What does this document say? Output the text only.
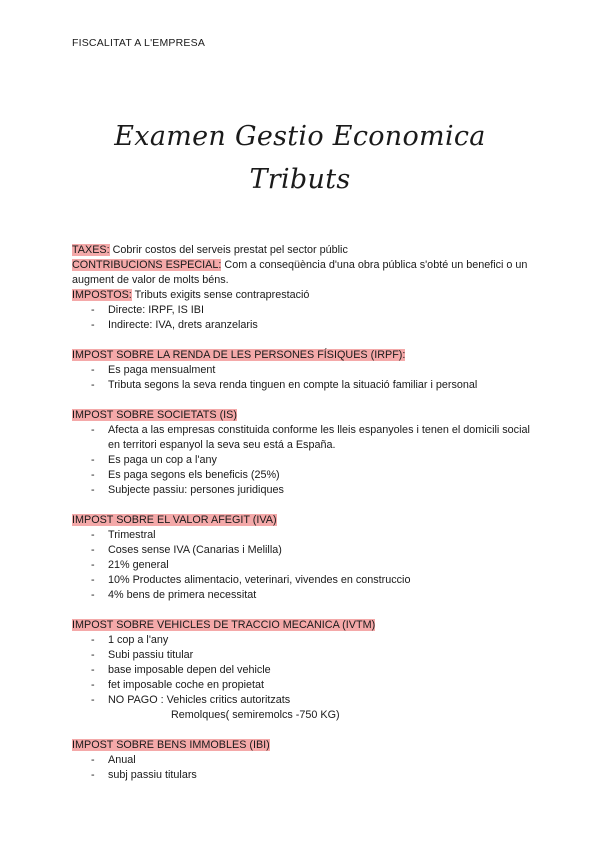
FISCALITAT A L'EMPRESA
Examen Gestio Economica
Tributs

TAXES: Cobrir costos del serveis prestat pel sector públic

CONTRIBUCIONS ESPECIAL: Com a conseqüència d'una obra pública s'obté un benefici o un augment de valor de molts béns.

IMPOSTOS: Tributs exigits sense contraprestació

- Directe: IRPF, IS IBI
- Indirecte: IVA, drets aranzelaris

IMPOST SOBRE LA RENDA DE LES PERSONES FÍSIQUES (IRPF):

- Es paga mensualment
- Tributa segons la seva renda tinguen en compte la situació familiar i personal

IMPOST SOBRE SOCIETATS (IS)

- Afecta a las empresas constituida conforme les lleis espanyoles i tenen el domicili social en territori espanyol la seva seu está a España.
- Es paga un cop a l'any
- Es paga segons els beneficis (25%)
- Subjecte passiu: persones juridiques

IMPOST SOBRE EL VALOR AFEGIT (IVA)

- Trimestral
- Coses sense IVA (Canarias i Melilla)
- 21% general
- 10% Productes alimentacio, veterinari, vivendes en construccio
- 4% bens de primera necessitat

IMPOST SOBRE VEHICLES DE TRACCIO MECANICA (IVTM)

- 1 cop a l'any
- Subi passiu titular
- base imposable depen del vehicle
- fet imposable coche en propietat
- NO PAGO : Vehicles critics autoritzats

Remolques( semiremolcs -750 KG)

IMPOST SOBRE BENS IMMOBLES (IBI)

- Anual
- subj passiu titulars
